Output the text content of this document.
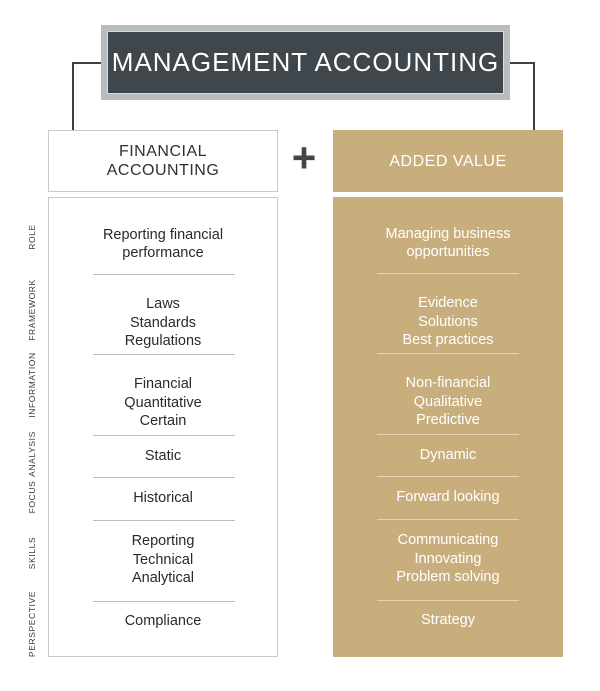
MANAGEMENT ACCOUNTING
FINANCIAL
ACCOUNTING +	ADDED VALUE
Reporting financial
performance
Laws
Standards
Regulations
Financial
Quantitative
Certain
Static
Historical
Reporting
Technical
Analytical
Compliance
Managing business
opportunities
Evidence
Solutions
Best practices
Non-financial
Qualitative
Predictive
Dynamic
Forward looking
Communicating
Innovating
Problem solving
Strategy
ROLE
FRAMEWORK
INFORMATION
ANALYSIS
FOCUS
SKILLS
PERSPECTIVE
